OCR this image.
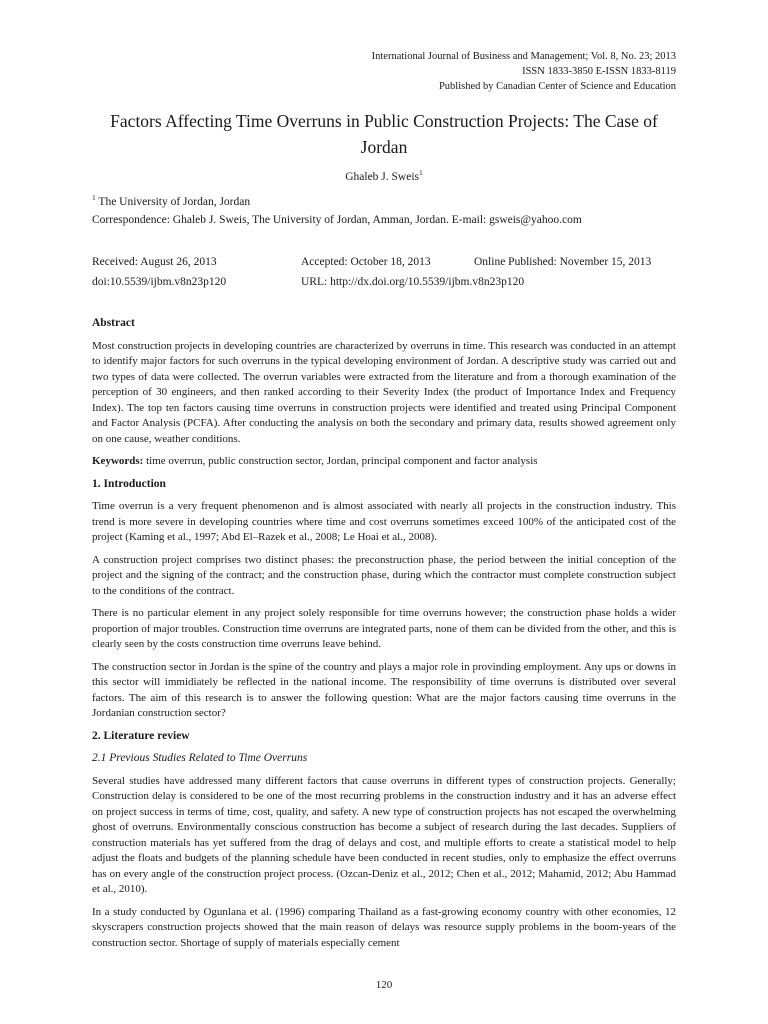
International Journal of Business and Management; Vol. 8, No. 23; 2013
ISSN 1833-3850 E-ISSN 1833-8119
Published by Canadian Center of Science and Education
Factors Affecting Time Overruns in Public Construction Projects: The Case of Jordan
Ghaleb J. Sweis$^1$
$^1$ The University of Jordan, Jordan
Correspondence: Ghaleb J. Sweis, The University of Jordan, Amman, Jordan. E-mail: gsweis@yahoo.com
Received: August 26, 2013	Accepted: October 18, 2013	Online Published: November 15, 2013
doi:10.5539/ijbm.v8n23p120	URL: http://dx.doi.org/10.5539/ijbm.v8n23p120
Abstract

Most construction projects in developing countries are characterized by overruns in time. This research was conducted in an attempt to identify major factors for such overruns in the typical developing environment of Jordan. A descriptive study was carried out and two types of data were collected. The overrun variables were extracted from the literature and from a thorough examination of the perception of 30 engineers, and then ranked according to their Severity Index (the product of Importance Index and Frequency Index). The top ten factors causing time overruns in construction projects were identified and treated using Principal Component and Factor Analysis (PCFA). After conducting the analysis on both the secondary and primary data, results showed agreement only on one cause, weather conditions.

Keywords: time overrun, public construction sector, Jordan, principal component and factor analysis

1. Introduction

Time overrun is a very frequent phenomenon and is almost associated with nearly all projects in the construction industry. This trend is more severe in developing countries where time and cost overruns sometimes exceed 100% of the anticipated cost of the project (Kaming et al., 1997; Abd El–Razek et al., 2008; Le Hoai et al., 2008).

A construction project comprises two distinct phases: the preconstruction phase, the period between the initial conception of the project and the signing of the contract; and the construction phase, during which the contractor must complete construction subject to the conditions of the contract.

There is no particular element in any project solely responsible for time overruns however; the construction phase holds a wider proportion of major troubles. Construction time overruns are integrated parts, none of them can be divided from the other, and this is clearly seen by the costs construction time overruns leave behind.

The construction sector in Jordan is the spine of the country and plays a major role in provinding employment. Any ups or downs in this sector will immidiately be reflected in the national income. The responsibility of time overruns is distributed over several factors. The aim of this research is to answer the following question: What are the major factors causing time overruns in the Jordanian construction sector?

2. Literature review
2.1 Previous Studies Related to Time Overruns

Several studies have addressed many different factors that cause overruns in different types of construction projects. Generally; Construction delay is considered to be one of the most recurring problems in the construction industry and it has an adverse effect on project success in terms of time, cost, quality, and safety. A new type of construction projects has not escaped the overwhelming ghost of overruns. Environmentally conscious construction has become a subject of research during the last decades. Suppliers of construction materials has yet suffered from the drag of delays and cost, and multiple efforts to create a statistical model to help adjust the floats and budgets of the planning schedule have been conducted in recent studies, only to emphasize the effect overruns has on every angle of the construction project process. (Ozcan-Deniz et al., 2012; Chen et al., 2012; Mahamid, 2012; Abu Hammad et al., 2010).

In a study conducted by Ogunlana et al. (1996) comparing Thailand as a fast-growing economy country with other economies, 12 skyscrapers construction projects showed that the main reason of delays was resource supply problems in the boom-years of the construction sector. Shortage of supply of materials especially cement

120
